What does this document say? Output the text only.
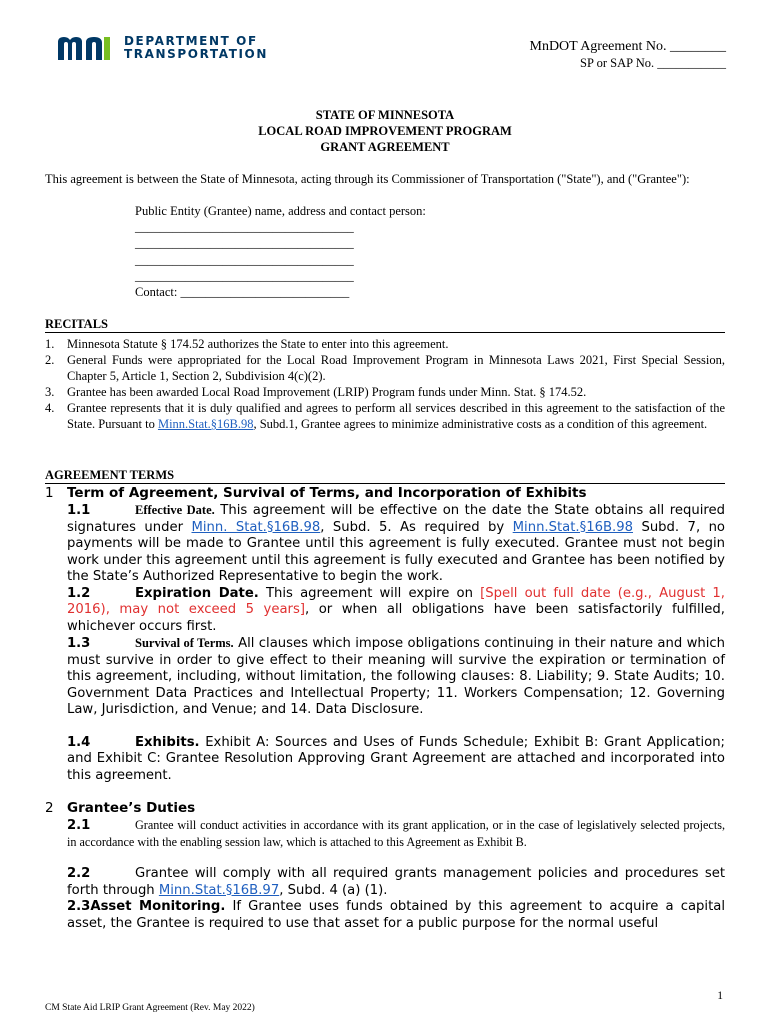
DEPARTMENT OF
TRANSPORTATION	MnDOT Agreement No. ________
SP or SAP No. ___________
STATE OF MINNESOTA
LOCAL ROAD IMPROVEMENT PROGRAM
GRANT AGREEMENT
This agreement is between the State of Minnesota, acting through its Commissioner of Transportation ("State"), and ("Grantee"):
Public Entity (Grantee) name, address and contact person:
___________________________________
___________________________________
___________________________________
___________________________________
Contact: ___________________________
RECITALS
1.	Minnesota Statute § 174.52 authorizes the State to enter into this agreement.
2.	General Funds were appropriated for the Local Road Improvement Program in Minnesota Laws 2021, First Special Session, Chapter 5, Article 1, Section 2, Subdivision 4(c)(2).
3.	Grantee has been awarded Local Road Improvement (LRIP) Program funds under Minn. Stat. § 174.52.
4.	Grantee represents that it is duly qualified and agrees to perform all services described in this agreement to the satisfaction of the State. Pursuant to Minn.Stat.§16B.98, Subd.1, Grantee agrees to minimize administrative costs as a condition of this agreement.
AGREEMENT TERMS
1 Term of Agreement, Survival of Terms, and Incorporation of Exhibits
1.1	Effective Date. This agreement will be effective on the date the State obtains all required signatures under Minn. Stat.§16B.98, Subd. 5. As required by Minn.Stat.§16B.98 Subd. 7, no payments will be made to Grantee until this agreement is fully executed. Grantee must not begin work under this agreement until this agreement is fully executed and Grantee has been notified by the State’s Authorized Representative to begin the work.
1.2	Expiration Date. This agreement will expire on [Spell out full date (e.g., August 1, 2016), may not exceed 5 years], or when all obligations have been satisfactorily fulfilled, whichever occurs first.
1.3	Survival of Terms. All clauses which impose obligations continuing in their nature and which must survive in order to give effect to their meaning will survive the expiration or termination of this agreement, including, without limitation, the following clauses: 8. Liability; 9. State Audits; 10. Government Data Practices and Intellectual Property; 11. Workers Compensation; 12. Governing Law, Jurisdiction, and Venue; and 14. Data Disclosure.
1.4	Exhibits. Exhibit A: Sources and Uses of Funds Schedule; Exhibit B: Grant Application; and Exhibit C: Grantee Resolution Approving Grant Agreement are attached and incorporated into this agreement.
2 Grantee’s Duties
2.1	Grantee will conduct activities in accordance with its grant application, or in the case of legislatively selected projects, in accordance with the enabling session law, which is attached to this Agreement as Exhibit B.
2.2	Grantee will comply with all required grants management policies and procedures set forth through Minn.Stat.§16B.97, Subd. 4 (a) (1).
2.3Asset Monitoring. If Grantee uses funds obtained by this agreement to acquire a capital asset, the Grantee is required to use that asset for a public purpose for the normal useful
1
CM State Aid LRIP Grant Agreement (Rev. May 2022)
